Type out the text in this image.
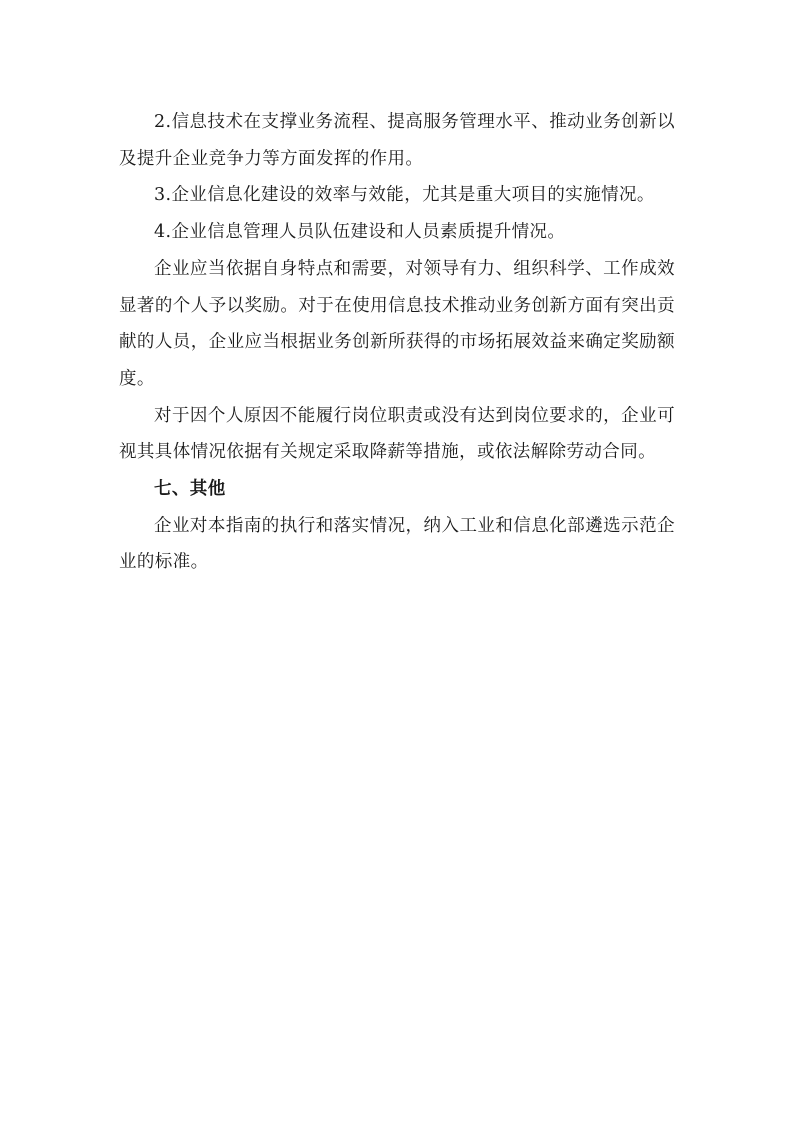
2.信息技术在支撑业务流程、提高服务管理水平、推动业务创新以及提升企业竞争力等方面发挥的作用。

3.企业信息化建设的效率与效能，尤其是重大项目的实施情况。

4.企业信息管理人员队伍建设和人员素质提升情况。

企业应当依据自身特点和需要，对领导有力、组织科学、工作成效显著的个人予以奖励。对于在使用信息技术推动业务创新方面有突出贡献的人员，企业应当根据业务创新所获得的市场拓展效益来确定奖励额度。

对于因个人原因不能履行岗位职责或没有达到岗位要求的，企业可视其具体情况依据有关规定采取降薪等措施，或依法解除劳动合同。

七、其他

企业对本指南的执行和落实情况，纳入工业和信息化部遴选示范企业的标准。
